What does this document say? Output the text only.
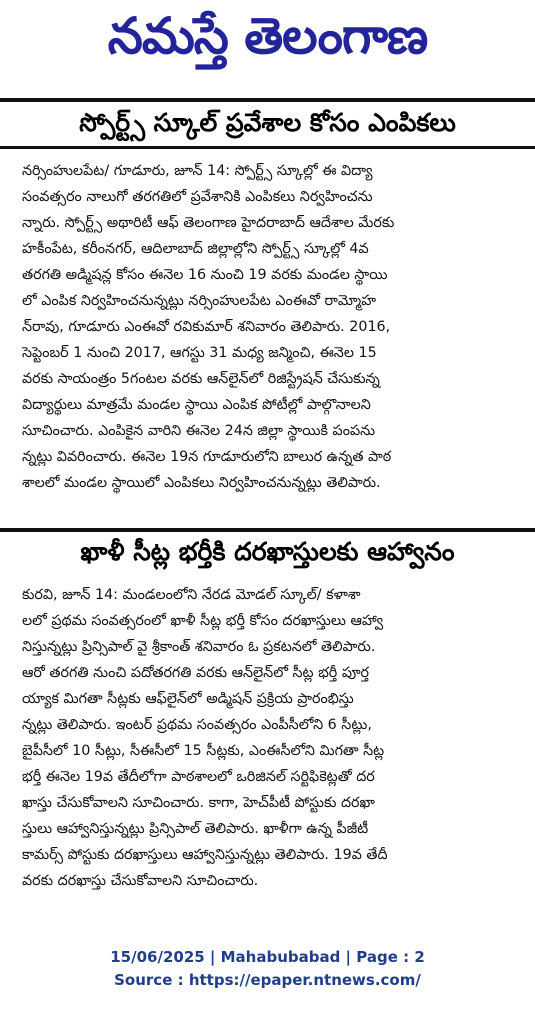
నమస్తే తెలంగాణ
స్పోర్ట్స్ స్కూల్ ప్రవేశాల కోసం ఎంపికలు
నర్సింహులపేట/ గూడూరు, జూన్ 14: స్పోర్ట్స్ స్కూల్లో ఈ విద్యా
సంవత్సరం నాలుగో తరగతిలో ప్రవేశానికి ఎంపికలు నిర్వహించను
న్నారు. స్పోర్ట్స్ అథారిటీ ఆఫ్ తెలంగాణ హైదరాబాద్ ఆదేశాల మేరకు
హకీంపేట, కరీంనగర్, ఆదిలాబాద్ జిల్లాల్లోని స్పోర్ట్స్ స్కూల్లో 4వ
తరగతి అడ్మిషన్ల కోసం ఈనెల 16 నుంచి 19 వరకు మండల స్థాయి
లో ఎంపిక నిర్వహించనున్నట్లు నర్సింహులపేట ఎంఈవో రామ్మోహ
న్‌రావు, గూడూరు ఎంఈవో రవికుమార్ శనివారం తెలిపారు. 2016,
సెప్టెంబర్ 1 నుంచి 2017, ఆగస్టు 31 మధ్య జన్మించి, ఈనెల 15
వరకు సాయంత్రం 5గంటల వరకు ఆన్‌లైన్‌లో రిజిస్ట్రేషన్ చేసుకున్న
విద్యార్థులు మాత్రమే మండల స్థాయి ఎంపిక పోటీల్లో పాల్గొనాలని
సూచించారు. ఎంపికైన వారిని ఈనెల 24న జిల్లా స్థాయికి పంపను
న్నట్లు వివరించారు. ఈనెల 19న గూడూరులోని బాలుర ఉన్నత పాఠ
శాలలో మండల స్థాయిలో ఎంపికలు నిర్వహించనున్నట్లు తెలిపారు.
ఖాళీ సీట్ల భర్తీకి దరఖాస్తులకు ఆహ్వానం
కురవి, జూన్ 14: మండలంలోని నేరడ మోడల్ స్కూల్/ కళాశా
లలో ప్రథమ సంవత్సరంలో ఖాళీ సీట్ల భర్తీ కోసం దరఖాస్తులు ఆహ్వా
నిస్తున్నట్లు ప్రిన్సిపాల్ వై శ్రీకాంత్ శనివారం ఓ ప్రకటనలో తెలిపారు.
ఆరో తరగతి నుంచి పదోతరగతి వరకు ఆన్‌లైన్‌లో సీట్ల భర్తీ పూర్త
య్యాక మిగతా సీట్లకు ఆఫ్‌లైన్‌లో అడ్మిషన్ ప్రక్రియ ప్రారంభిస్తు
న్నట్లు తెలిపారు. ఇంటర్ ప్రథమ సంవత్సరం ఎంపీసీలోని 6 సీట్లు,
బైపీసీలో 10 సీట్లు, సీఈసీలో 15 సీట్లకు, ఎంఈసీలోని మిగతా సీట్ల
భర్తీ ఈనెల 19వ తేదీలోగా పాఠశాలలో ఒరిజినల్ సర్టిఫికెట్లతో దర
ఖాస్తు చేసుకోవాలని సూచించారు. కాగా, హెచ్‌పీటీ పోస్టుకు దరఖా
స్తులు ఆహ్వానిస్తున్నట్లు ప్రిన్సిపాల్ తెలిపారు. ఖాళీగా ఉన్న పీజీటీ
కామర్స్ పోస్టుకు దరఖాస్తులు ఆహ్వానిస్తున్నట్లు తెలిపారు. 19వ తేదీ
వరకు దరఖాస్తు చేసుకోవాలని సూచించారు.
15/06/2025 | Mahabubabad | Page : 2
Source : https://epaper.ntnews.com/
